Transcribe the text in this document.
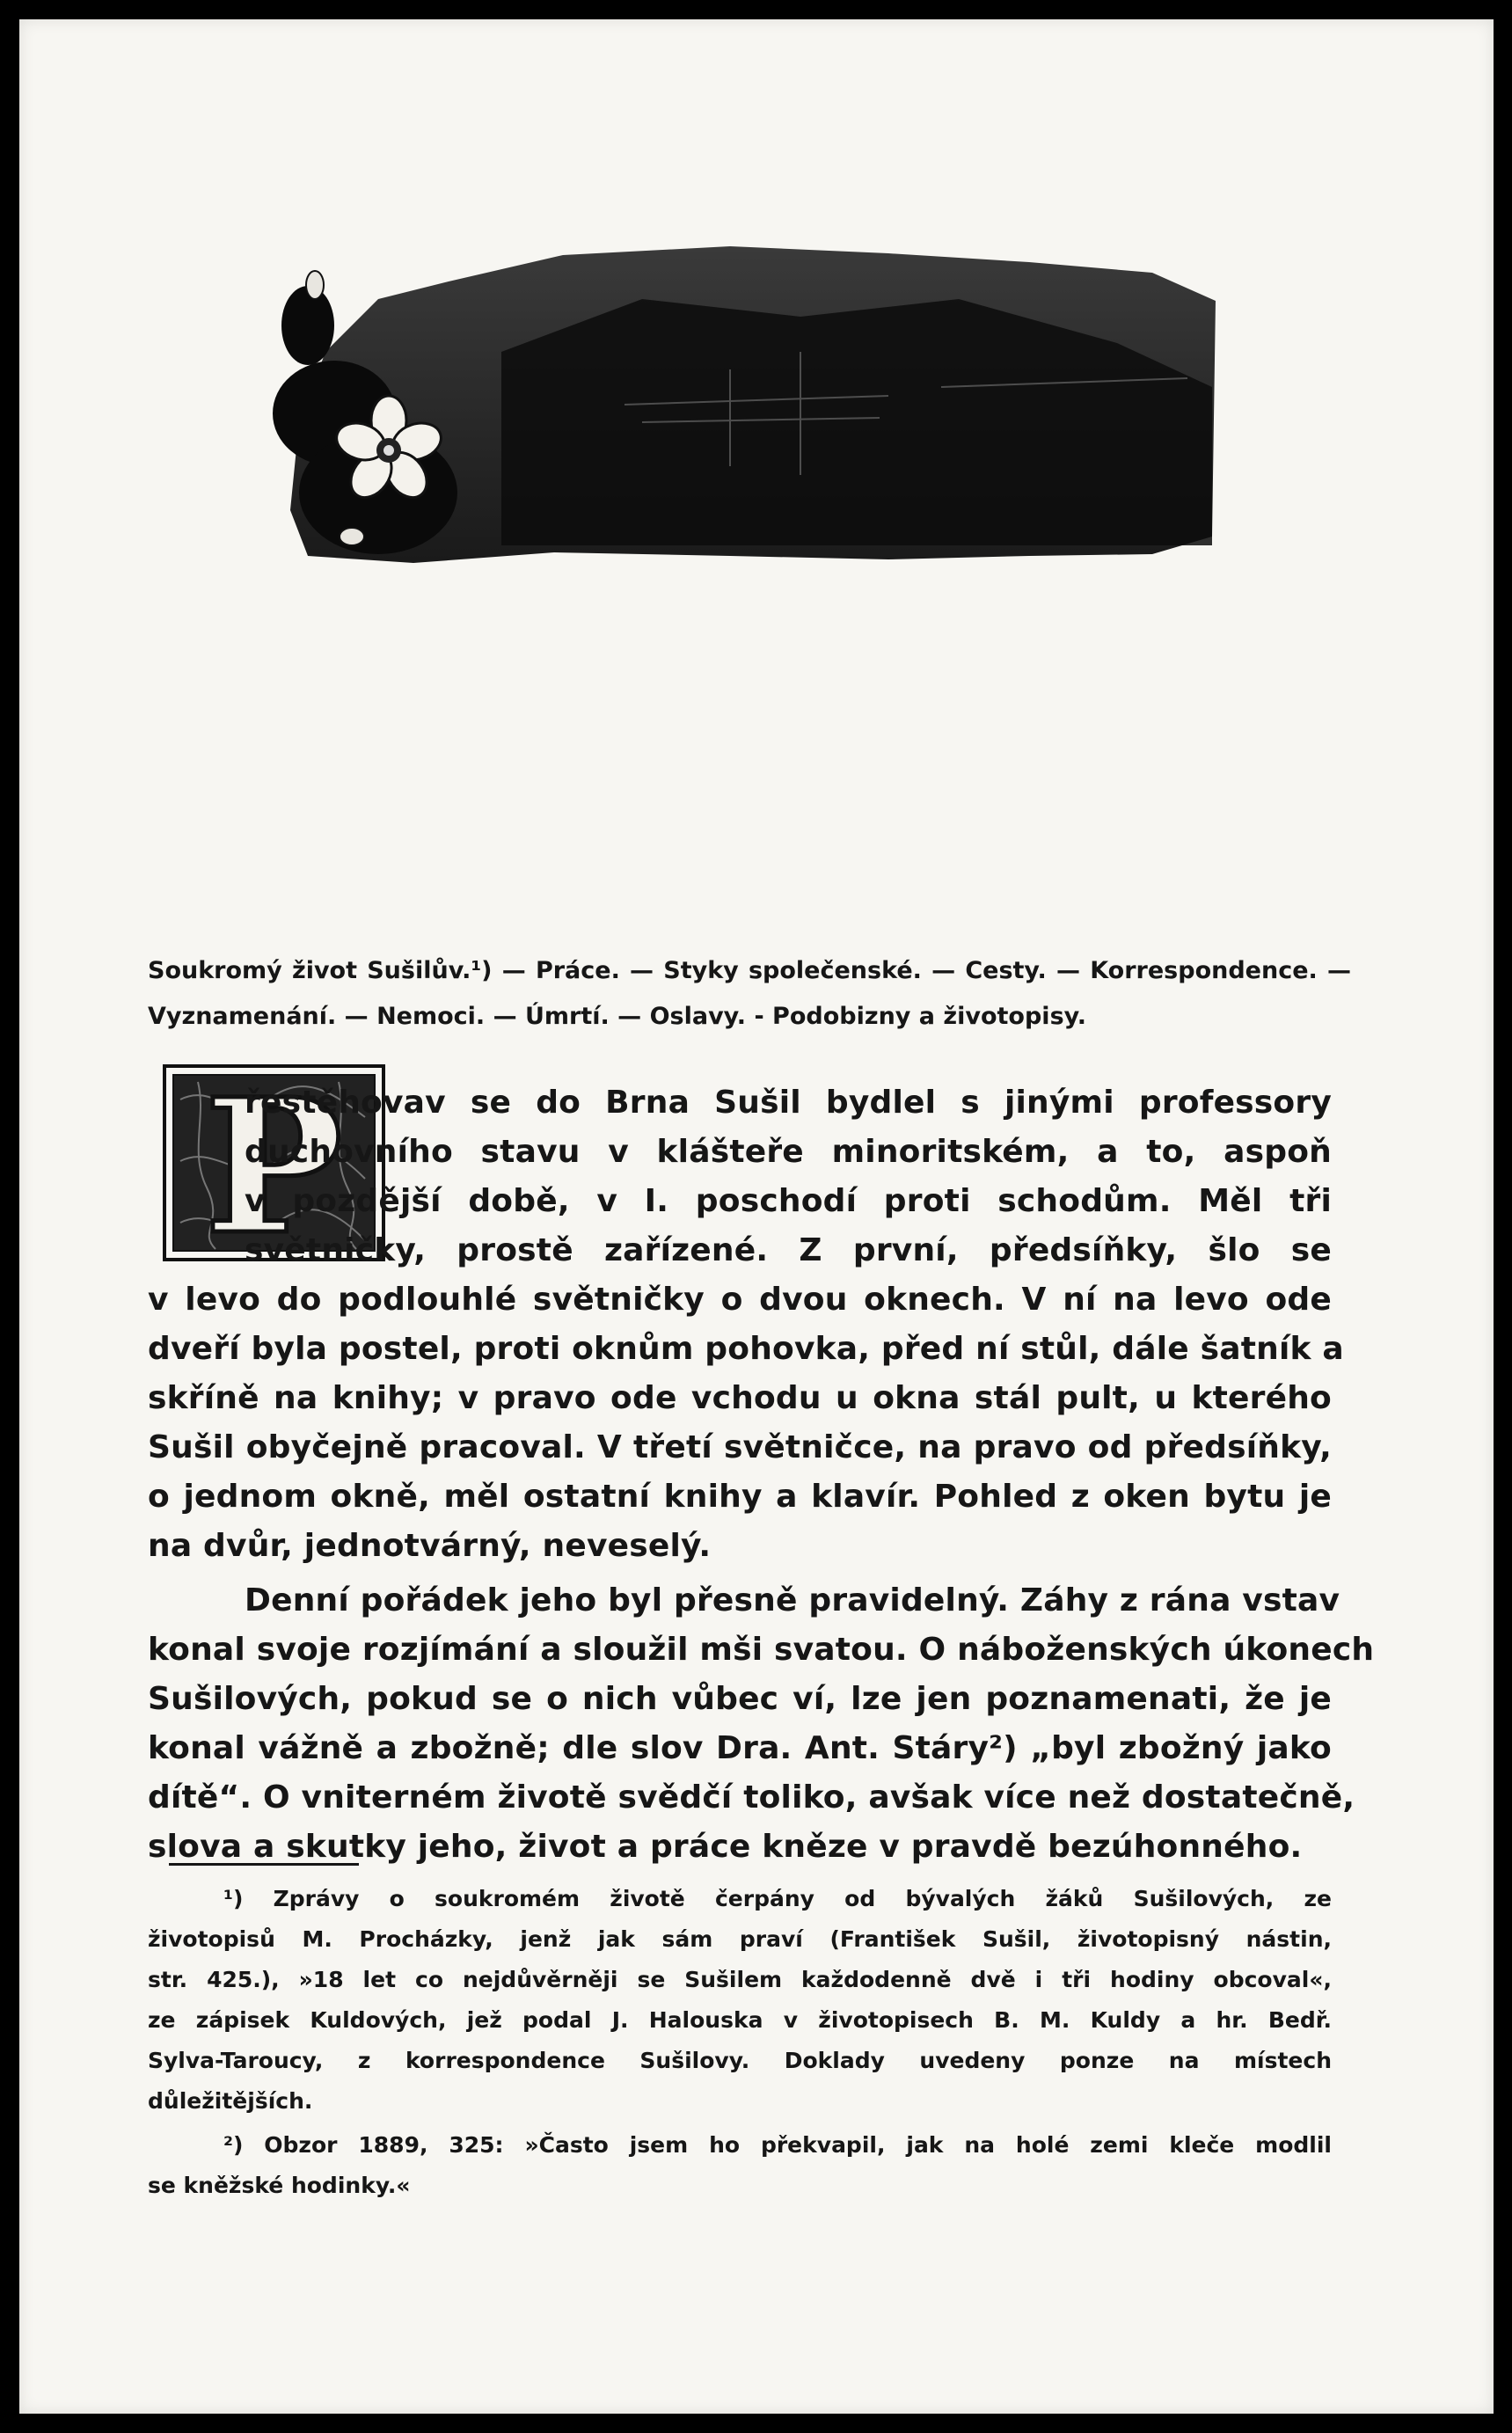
Soukromý život Sušilův.¹) — Práce. — Styky společenské. — Cesty. — Korrespondence. — Vyznamenání. — Nemoci. — Úmrtí. — Oslavy. - Podobizny a životopisy.
P
řestěhovav se do Brna Sušil bydlel s jinými professory
duchovního stavu v klášteře minoritském, a to, aspoň
v pozdější době, v I. poschodí proti schodům. Měl tři
světničky, prostě zařízené. Z první, předsíňky, šlo se
v levo do podlouhlé světničky o dvou oknech. V ní na levo ode
dveří byla postel, proti oknům pohovka, před ní stůl, dále šatník a
skříně na knihy; v pravo ode vchodu u okna stál pult, u kterého
Sušil obyčejně pracoval. V třetí světničce, na pravo od předsíňky,
o jednom okně, měl ostatní knihy a klavír. Pohled z oken bytu je
na dvůr, jednotvárný, neveselý.
Denní pořádek jeho byl přesně pravidelný. Záhy z rána vstav
konal svoje rozjímání a sloužil mši svatou. O náboženských úkonech
Sušilových, pokud se o nich vůbec ví, lze jen poznamenati, že je
konal vážně a zbožně; dle slov Dra. Ant. Stáry²) „byl zbožný jako
dítě“. O vniterném životě svědčí toliko, avšak více než dostatečně,
slova a skutky jeho, život a práce kněze v pravdě bezúhonného.
¹) Zprávy o soukromém životě čerpány od bývalých žáků Sušilových, ze
životopisů M. Procházky, jenž jak sám praví (František Sušil, životopisný nástin,
str. 425.), »18 let co nejdůvěrněji se Sušilem každodenně dvě i tři hodiny obcoval«,
ze zápisek Kuldových, jež podal J. Halouska v životopisech B. M. Kuldy a hr. Bedř.
Sylva-Taroucy, z korrespondence Sušilovy. Doklady uvedeny ponze na místech
důležitějších.
²) Obzor 1889, 325: »Často jsem ho překvapil, jak na holé zemi kleče modlil
se kněžské hodinky.«
